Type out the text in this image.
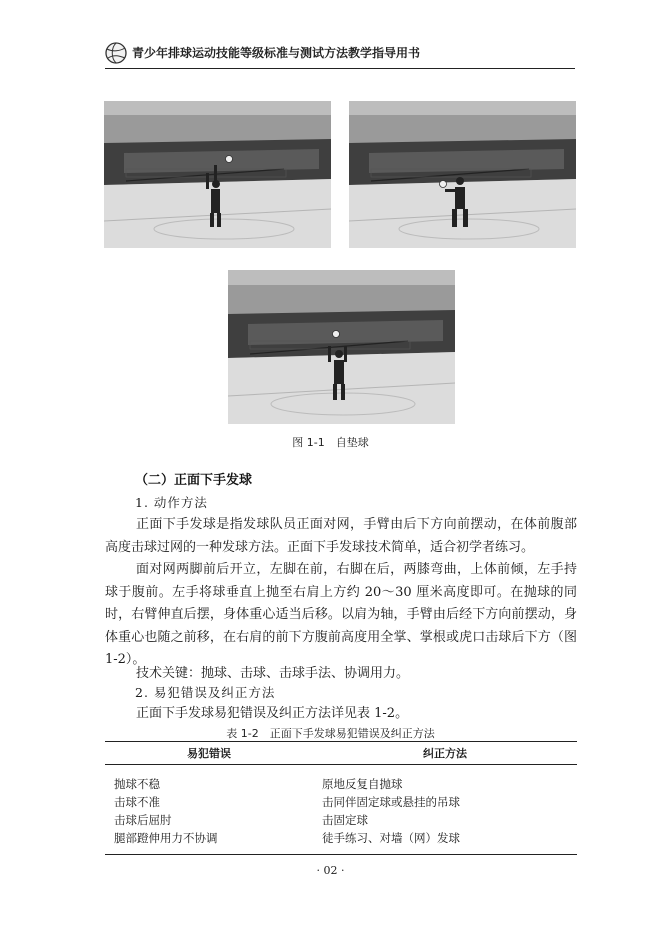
青少年排球运动技能等级标准与测试方法教学指导用书
图 1-1　自垫球
（二）正面下手发球
1. 动作方法
正面下手发球是指发球队员正面对网，手臂由后下方向前摆动，在体前腹部高度击球过网的一种发球方法。正面下手发球技术简单，适合初学者练习。
面对网两脚前后开立，左脚在前，右脚在后，两膝弯曲，上体前倾，左手持球于腹前。左手将球垂直上抛至右肩上方约 20～30 厘米高度即可。在抛球的同时，右臂伸直后摆，身体重心适当后移。以肩为轴，手臂由后经下方向前摆动，身体重心也随之前移，在右肩的前下方腹前高度用全掌、掌根或虎口击球后下方（图 1-2）。
技术关键：抛球、击球、击球手法、协调用力。
2. 易犯错误及纠正方法
正面下手发球易犯错误及纠正方法详见表 1-2。
表 1-2　正面下手发球易犯错误及纠正方法
易犯错误	纠正方法
抛球不稳	原地反复自抛球
击球不准	击同伴固定球或悬挂的吊球
击球后屈肘	击固定球
腿部蹬伸用力不协调	徒手练习、对墙（网）发球
· 02 ·
